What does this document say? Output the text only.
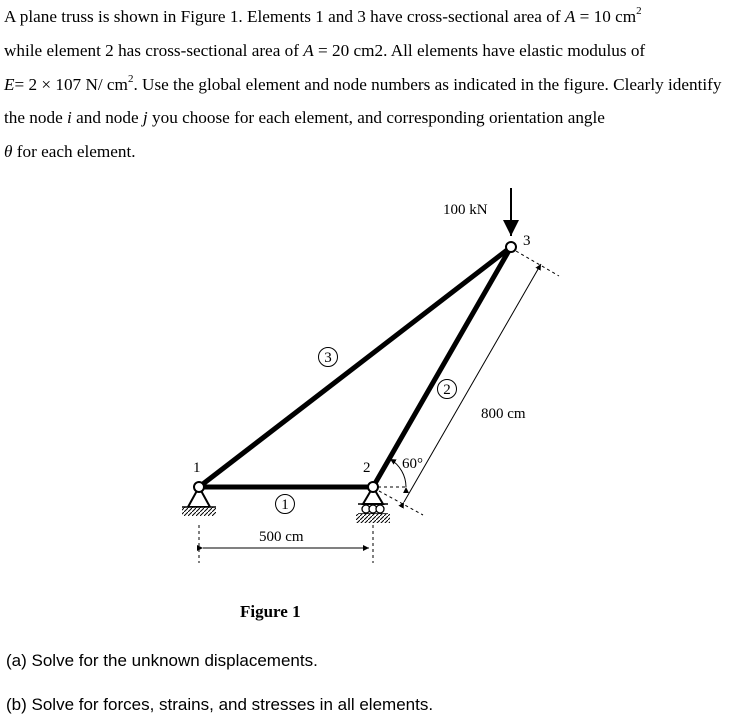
A plane truss is shown in Figure 1. Elements 1 and 3 have cross-sectional area of A = 10 $cm^2$
while element 2 has cross-sectional area of A = 20 cm2. All elements have elastic modulus of
E= 2 × 107 N/ $cm^2$. Use the global element and node numbers as indicated in the figure. Clearly identify the node i and node j you choose for each element, and corresponding orientation angle
θ for each element.

1	2
3
1
2
3
100 kN
500 cm
800 cm
60°
Figure 1
(a) Solve for the unknown displacements.
(b) Solve for forces, strains, and stresses in all elements.
